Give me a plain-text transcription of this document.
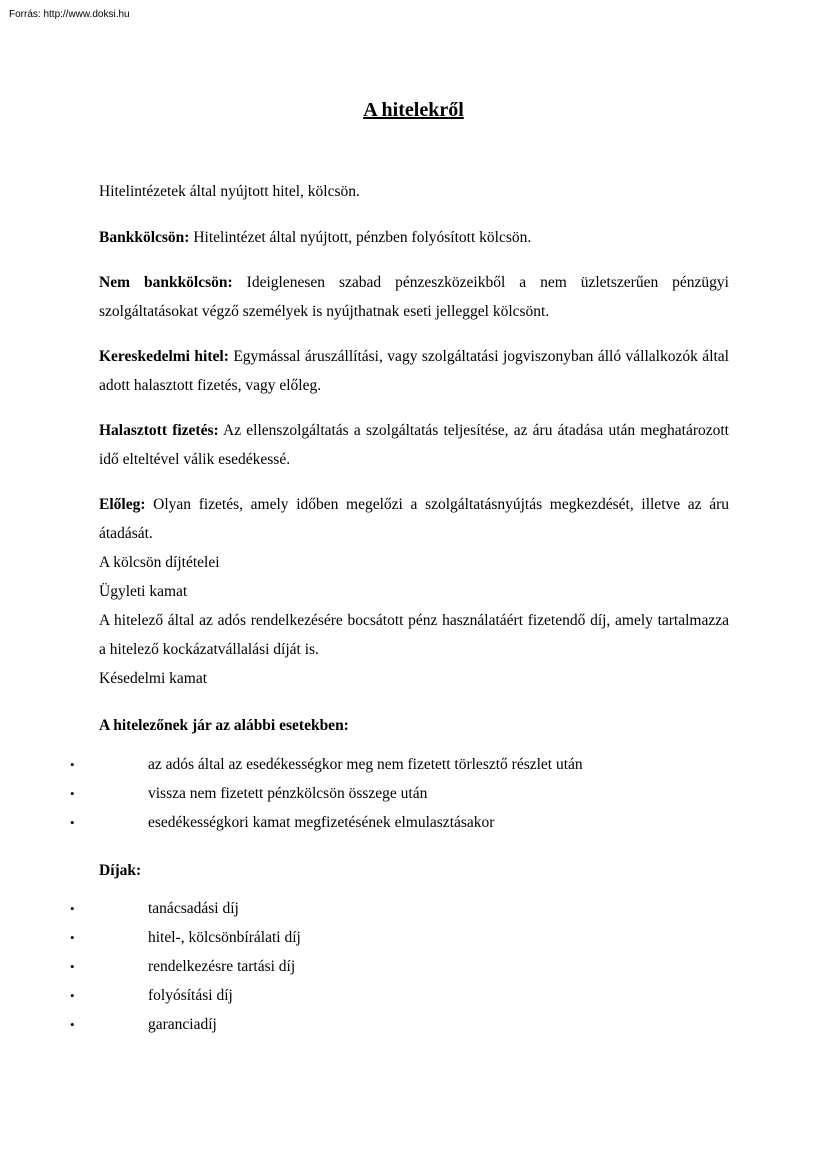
Forrás: http://www.doksi.hu
A hitelekről

Hitelintézetek által nyújtott hitel, kölcsön.

Bankkölcsön: Hitelintézet által nyújtott, pénzben folyósított kölcsön.

Nem bankkölcsön: Ideiglenesen szabad pénzeszközeikből a nem üzletszerűen pénzügyi szolgáltatásokat végző személyek is nyújthatnak eseti jelleggel kölcsönt.

Kereskedelmi hitel: Egymással áruszállítási, vagy szolgáltatási jogviszonyban álló vállalkozók által adott halasztott fizetés, vagy előleg.

Halasztott fizetés: Az ellenszolgáltatás a szolgáltatás teljesítése, az áru átadása után meghatározott idő elteltével válik esedékessé.

Előleg: Olyan fizetés, amely időben megelőzi a szolgáltatásnyújtás megkezdését, illetve az áru átadását.

A kölcsön díjtételei

Ügyleti kamat

A hitelező által az adós rendelkezésére bocsátott pénz használatáért fizetendő díj, amely tartalmazza a hitelező kockázatvállalási díját is.

Késedelmi kamat

A hitelezőnek jár az alábbi esetekben:

•	az adós által az esedékességkor meg nem fizetett törlesztő részlet után
•	vissza nem fizetett pénzkölcsön összege után
•	esedékességkori kamat megfizetésének elmulasztásakor

Díjak:

•	tanácsadási díj
•	hitel-, kölcsönbírálati díj
•	rendelkezésre tartási díj
•	folyósítási díj
•	garanciadíj
